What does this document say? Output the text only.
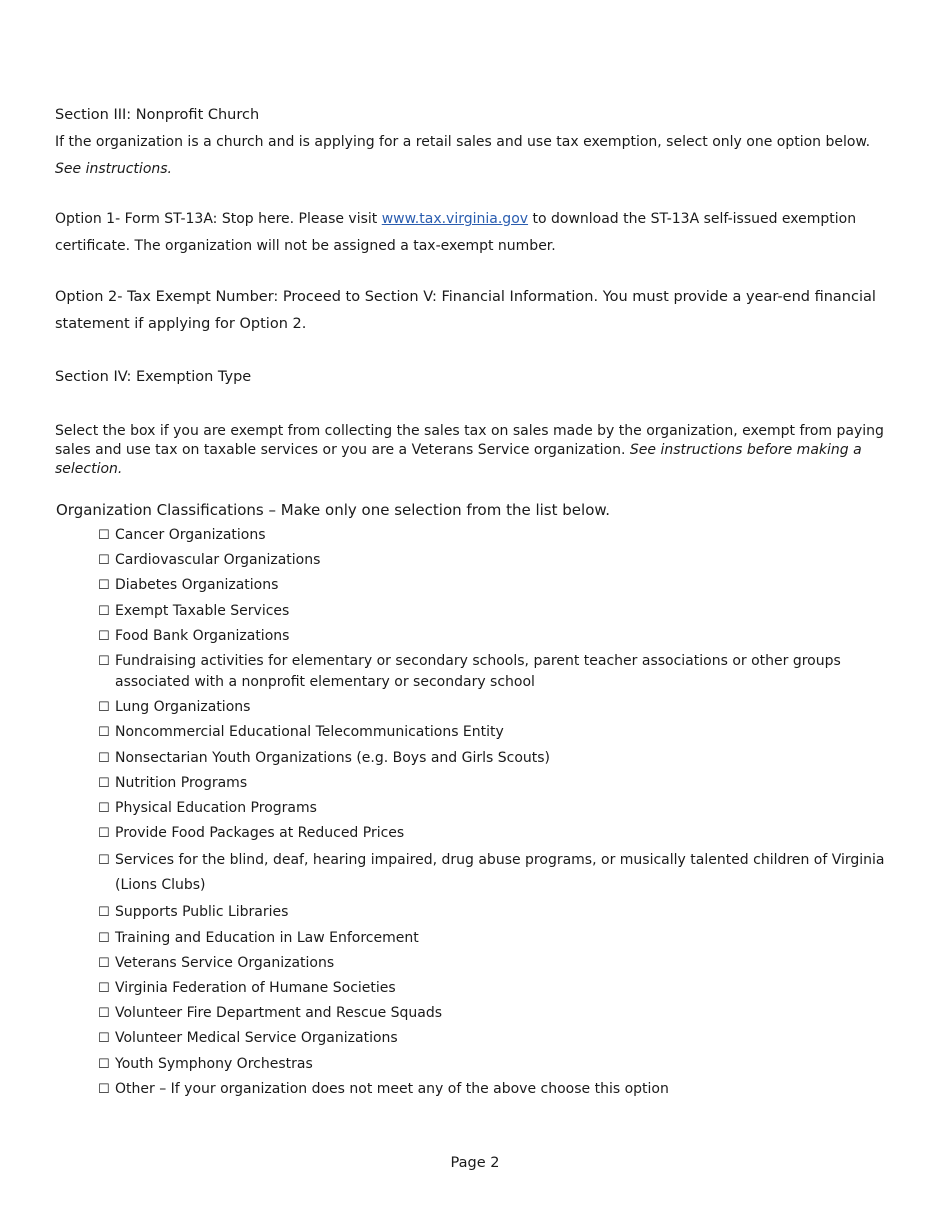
Section III: Nonprofit Church
If the organization is a church and is applying for a retail sales and use tax exemption, select only one option below.
See instructions.
Option 1- Form ST-13A: Stop here. Please visit www.tax.virginia.gov to download the ST-13A self-issued exemption certificate. The organization will not be assigned a tax-exempt number.
Option 2- Tax Exempt Number: Proceed to Section V: Financial Information. You must provide a year-end financial statement if applying for Option 2.
Section IV: Exemption Type
Select the box if you are exempt from collecting the sales tax on sales made by the organization, exempt from paying sales and use tax on taxable services or you are a Veterans Service organization. See instructions before making a selection.
Organization Classifications – Make only one selection from the list below.
☐ Cancer Organizations
☐ Cardiovascular Organizations
☐ Diabetes Organizations
☐ Exempt Taxable Services
☐ Food Bank Organizations
☐ Fundraising activities for elementary or secondary schools, parent teacher associations or other groups associated with a nonprofit elementary or secondary school
☐ Lung Organizations
☐ Noncommercial Educational Telecommunications Entity
☐ Nonsectarian Youth Organizations (e.g. Boys and Girls Scouts)
☐ Nutrition Programs
☐ Physical Education Programs
☐ Provide Food Packages at Reduced Prices
☐ Services for the blind, deaf, hearing impaired, drug abuse programs, or musically talented children of Virginia (Lions Clubs)
☐ Supports Public Libraries
☐ Training and Education in Law Enforcement
☐ Veterans Service Organizations
☐ Virginia Federation of Humane Societies
☐ Volunteer Fire Department and Rescue Squads
☐ Volunteer Medical Service Organizations
☐ Youth Symphony Orchestras
☐ Other – If your organization does not meet any of the above choose this option
Page 2
